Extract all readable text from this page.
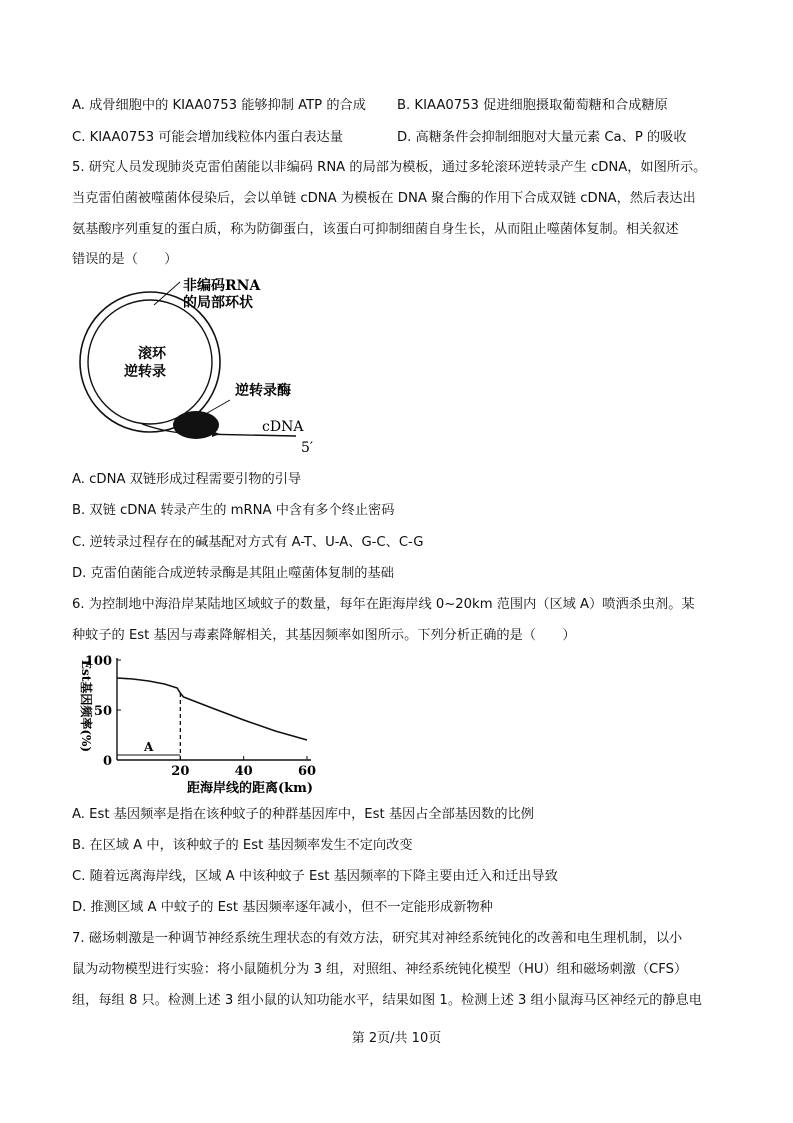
A. 成骨细胞中的 KIAA0753 能够抑制 ATP 的合成 B. KIAA0753 促进细胞摄取葡萄糖和合成糖原
C. KIAA0753 可能会增加线粒体内蛋白表达量	D. 高糖条件会抑制细胞对大量元素 Ca、P 的吸收
5. 研究人员发现肺炎克雷伯菌能以非编码 RNA 的局部为模板，通过多轮滚环逆转录产生 cDNA，如图所示。
当克雷伯菌被噬菌体侵染后，会以单链 cDNA 为模板在 DNA 聚合酶的作用下合成双链 cDNA，然后表达出
氨基酸序列重复的蛋白质，称为防御蛋白，该蛋白可抑制细菌自身生长，从而阻止噬菌体复制。相关叙述
错误的是（　　）
非编码RNA
的局部环状
滚环
逆转录
逆转录酶
cDNA
5′
A. cDNA 双链形成过程需要引物的引导
B. 双链 cDNA 转录产生的 mRNA 中含有多个终止密码
C. 逆转录过程存在的碱基配对方式有 A-T、U-A、G-C、C-G
D. 克雷伯菌能合成逆转录酶是其阻止噬菌体复制的基础
6. 为控制地中海沿岸某陆地区域蚊子的数量，每年在距海岸线 0~20km 范围内（区域 A）喷洒杀虫剂。某
种蚊子的 Est 基因与毒素降解相关，其基因频率如图所示。下列分析正确的是（　　）
0
50
100
20	40	60
A
距海岸线的距离(km)
Est基因频率(%)
A. Est 基因频率是指在该种蚊子的种群基因库中，Est 基因占全部基因数的比例
B. 在区域 A 中，该种蚊子的 Est 基因频率发生不定向改变
C. 随着远离海岸线，区域 A 中该种蚊子 Est 基因频率的下降主要由迁入和迁出导致
D. 推测区域 A 中蚊子的 Est 基因频率逐年减小，但不一定能形成新物种
7. 磁场刺激是一种调节神经系统生理状态的有效方法，研究其对神经系统钝化的改善和电生理机制，以小
鼠为动物模型进行实验：将小鼠随机分为 3 组，对照组、神经系统钝化模型（HU）组和磁场刺激（CFS）
组，每组 8 只。检测上述 3 组小鼠的认知功能水平，结果如图 1。检测上述 3 组小鼠海马区神经元的静息电
第 2页/共 10页
